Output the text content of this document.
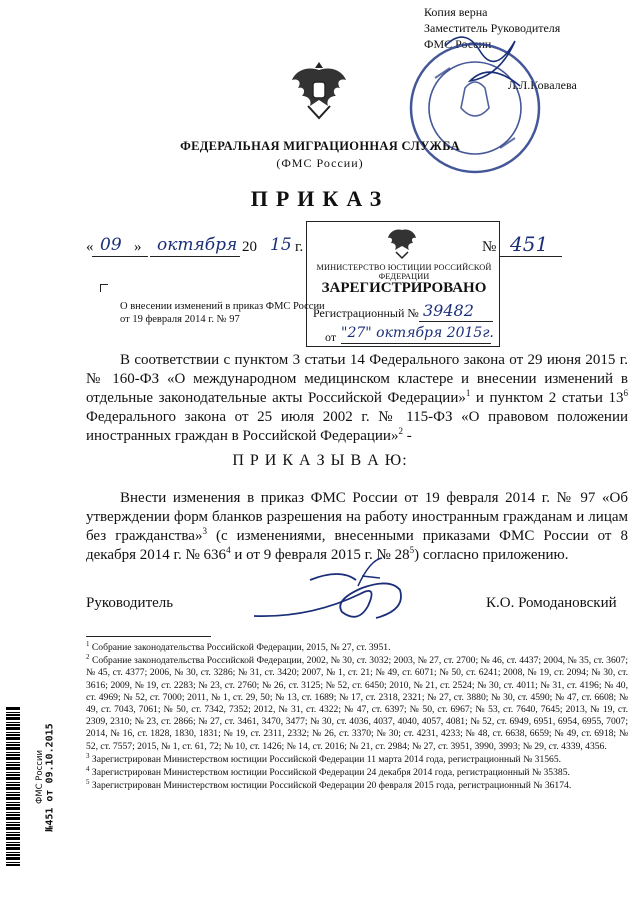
Копия верна
Заместитель Руководителя
ФМС России
Л.Л.Ковалева
ФЕДЕРАЛЬНАЯ МИГРАЦИОННАЯ СЛУЖБА
(ФМС России)
ПРИКАЗ
« 09 » октября 20 15 г.	№ 451
МИНИСТЕРСТВО ЮСТИЦИИ РОССИЙСКОЙ ФЕДЕРАЦИИ
ЗАРЕГИСТРИРОВАНО
Регистрационный № 39482
от "27" октября 2015г.
О внесении изменений в приказ ФМС России
от 19 февраля 2014 г. № 97
В соответствии с пунктом 3 статьи 14 Федерального закона от 29 июня 2015 г. № 160-ФЗ «О международном медицинском кластере и внесении изменений в отдельные законодательные акты Российской Федерации»$^1$ и пунктом 2 статьи $13^6$ Федерального закона от 25 июля 2002 г. № 115-ФЗ «О правовом положении иностранных граждан в Российской Федерации»$^2$ -
П Р И К А З Ы В А Ю:
Внести изменения в приказ ФМС России от 19 февраля 2014 г. № 97 «Об утверждении форм бланков разрешения на работу иностранным гражданам и лицам без гражданства»$^3$ (с изменениями, внесенными приказами ФМС России от 8 декабря 2014 г. № $636^4$ и от 9 февраля 2015 г. № $28^5$) согласно приложению.
Руководитель	К.О. Ромодановский
$^1$ Собрание законодательства Российской Федерации, 2015, № 27, ст. 3951.
$^2$ Собрание законодательства Российской Федерации, 2002, № 30, ст. 3032; 2003, № 27, ст. 2700; № 46, ст. 4437; 2004, № 35, ст. 3607; № 45, ст. 4377; 2006, № 30, ст. 3286; № 31, ст. 3420; 2007, № 1, ст. 21; № 49, ст. 6071; № 50, ст. 6241; 2008, № 19, ст. 2094; № 30, ст. 3616; 2009, № 19, ст. 2283; № 23, ст. 2760; № 26, ст. 3125; № 52, ст. 6450; 2010, № 21, ст. 2524; № 30, ст. 4011; № 31, ст. 4196; № 40, ст. 4969; № 52, ст. 7000; 2011, № 1, ст. 29, 50; № 13, ст. 1689; № 17, ст. 2318, 2321; № 27, ст. 3880; № 30, ст. 4590; № 47, ст. 6608; № 49, ст. 7043, 7061; № 50, ст. 7342, 7352; 2012, № 31, ст. 4322; № 47, ст. 6397; № 50, ст. 6967; № 53, ст. 7640, 7645; 2013, № 19, ст. 2309, 2310; № 23, ст. 2866; № 27, ст. 3461, 3470, 3477; № 30, ст. 4036, 4037, 4040, 4057, 4081; № 52, ст. 6949, 6951, 6954, 6955, 7007; 2014, № 16, ст. 1828, 1830, 1831; № 19, ст. 2311, 2332; № 26, ст. 3370; № 30; ст. 4231, 4233; № 48, ст. 6638, 6659; № 49, ст. 6918; № 52, ст. 7557; 2015, № 1, ст. 61, 72; № 10, ст. 1426; № 14, ст. 2016; № 21, ст. 2984; № 27, ст. 3951, 3990, 3993; № 29, ст. 4339, 4356.
$^3$ Зарегистрирован Министерством юстиции Российской Федерации 11 марта 2014 года, регистрационный № 31565.
$^4$ Зарегистрирован Министерством юстиции Российской Федерации 24 декабря 2014 года, регистрационный № 35385.
$^5$ Зарегистрирован Министерством юстиции Российской Федерации 20 февраля 2015 года, регистрационный № 36174.
ФМС России №451 от 09.10.2015
